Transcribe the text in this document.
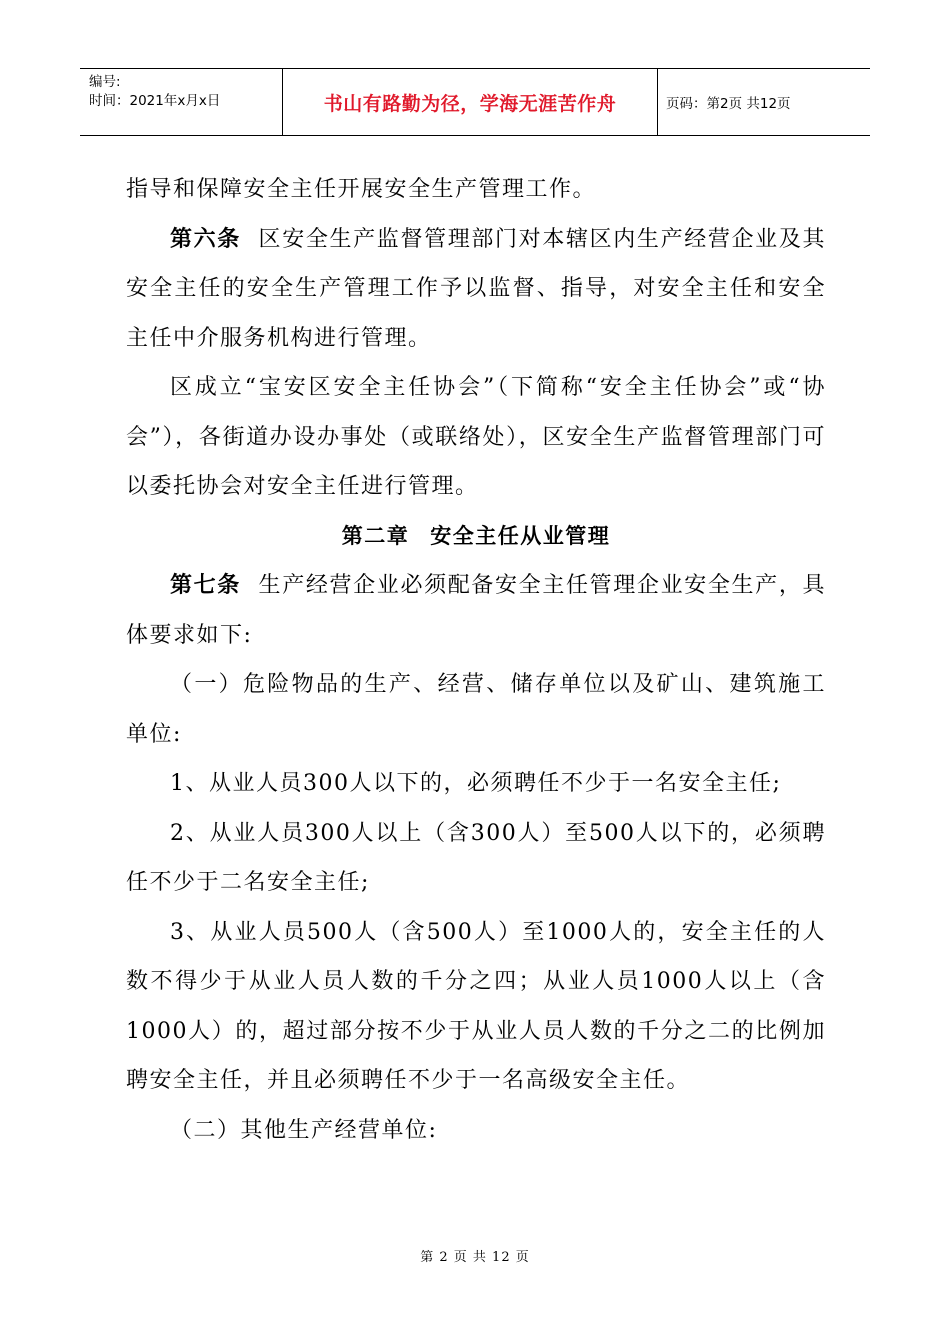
编号:
时间：2021年x月x日	书山有路勤为径，学海无涯苦作舟	页码：第2页 共12页

指导和保障安全主任开展安全生产管理工作。

第六条 区安全生产监督管理部门对本辖区内生产经营企业及其安全主任的安全生产管理工作予以监督、指导，对安全主任和安全主任中介服务机构进行管理。

区成立“宝安区安全主任协会”（下简称“安全主任协会”或“协会”），各街道办设办事处（或联络处），区安全生产监督管理部门可以委托协会对安全主任进行管理。

第二章 安全主任从业管理

第七条 生产经营企业必须配备安全主任管理企业安全生产，具体要求如下:

（一）危险物品的生产、经营、储存单位以及矿山、建筑施工单位:

1、从业人员300人以下的，必须聘任不少于一名安全主任;

2、从业人员300人以上（含300人）至500人以下的，必须聘任不少于二名安全主任;

3、从业人员500人（含500人）至1000人的，安全主任的人数不得少于从业人员人数的千分之四；从业人员1000人以上（含1000人）的，超过部分按不少于从业人员人数的千分之二的比例加聘安全主任，并且必须聘任不少于一名高级安全主任。

（二）其他生产经营单位:

第 2 页 共 12 页
